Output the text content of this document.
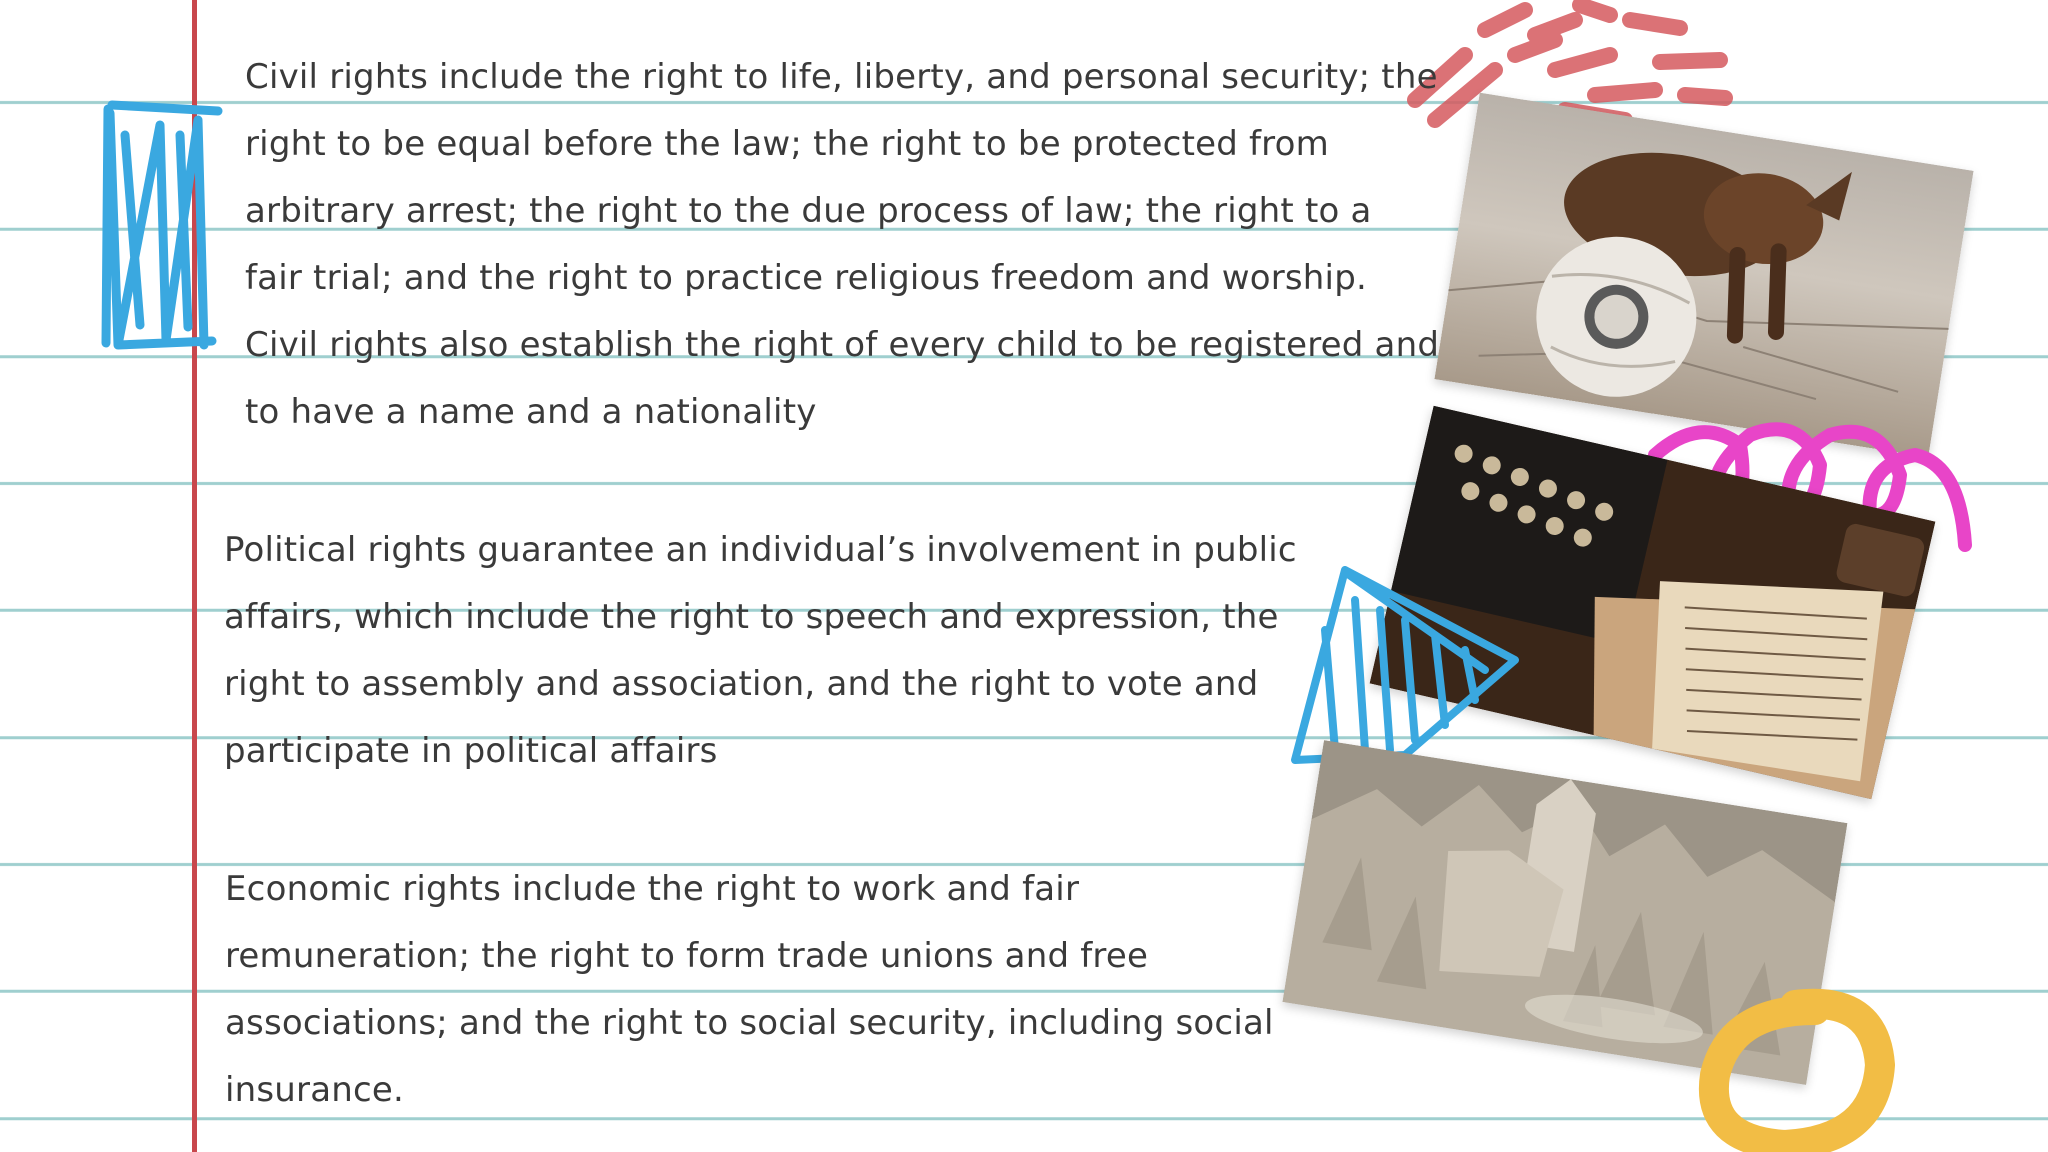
Civil rights include the right to life, liberty, and personal security; the
right to be equal before the law; the right to be protected from
arbitrary arrest; the right to the due process of law; the right to a
fair trial; and the right to practice religious freedom and worship.
Civil rights also establish the right of every child to be registered and
to have a name and a nationality

Political rights guarantee an individual’s involvement in public
affairs, which include the right to speech and expression, the
right to assembly and association, and the right to vote and
participate in political affairs

Economic rights include the right to work and fair
remuneration; the right to form trade unions and free
associations; and the right to social security, including social
insurance.
